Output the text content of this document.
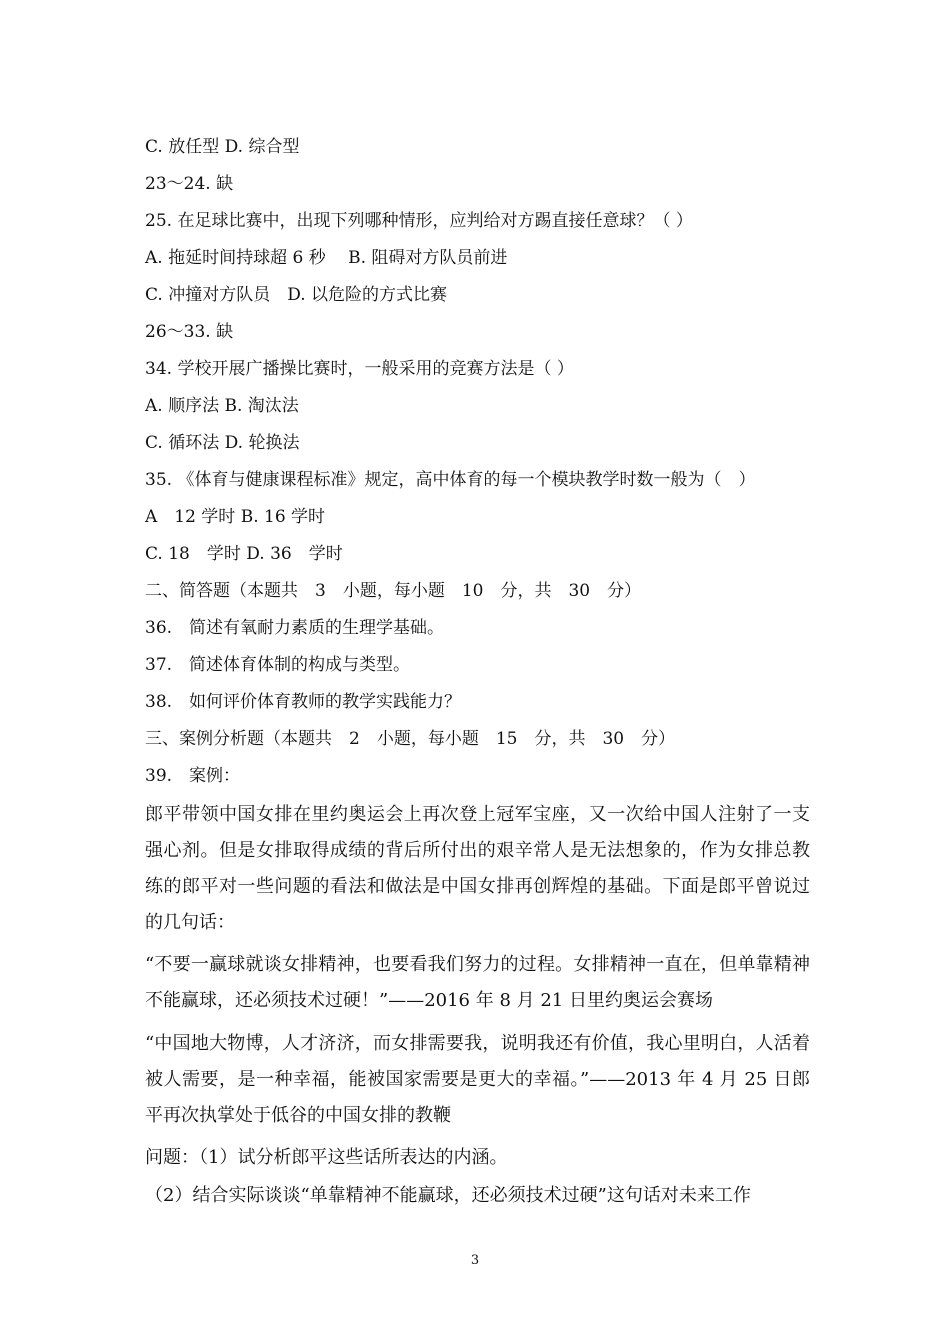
C. 放任型 D. 综合型
23～24. 缺
25. 在足球比赛中，出现下列哪种情形，应判给对方踢直接任意球？（ ）
A. 拖延时间持球超 6 秒　 B. 阻碍对方队员前进
C. 冲撞对方队员　D. 以危险的方式比赛
26～33. 缺
34. 学校开展广播操比赛时，一般采用的竞赛方法是（ ）
A. 顺序法 B. 淘汰法
C. 循环法 D. 轮换法
35. 《体育与健康课程标准》规定，高中体育的每一个模块教学时数一般为（　）
A　12 学时 B. 16 学时
C. 18　学时 D. 36　学时
二、简答题（本题共　3　小题，每小题　10　分，共　30　分）
36.　简述有氧耐力素质的生理学基础。
37.　简述体育体制的构成与类型。
38.　如何评价体育教师的教学实践能力？
三、案例分析题（本题共　2　小题，每小题　15　分，共　30　分）
39.　案例：
郎平带领中国女排在里约奥运会上再次登上冠军宝座，又一次给中国人注射了一支强心剂。但是女排取得成绩的背后所付出的艰辛常人是无法想象的，作为女排总教练的郎平对一些问题的看法和做法是中国女排再创辉煌的基础。下面是郎平曾说过的几句话：
“不要一赢球就谈女排精神，也要看我们努力的过程。女排精神一直在，但单靠精神不能赢球，还必须技术过硬！”——2016 年 8 月 21 日里约奥运会赛场
“中国地大物博，人才济济，而女排需要我，说明我还有价值，我心里明白，人活着被人需要，是一种幸福，能被国家需要是更大的幸福。”——2013 年 4 月 25 日郎平再次执掌处于低谷的中国女排的教鞭
问题：（1）试分析郎平这些话所表达的内涵。
（2）结合实际谈谈“单靠精神不能赢球，还必须技术过硬”这句话对未来工作
3
